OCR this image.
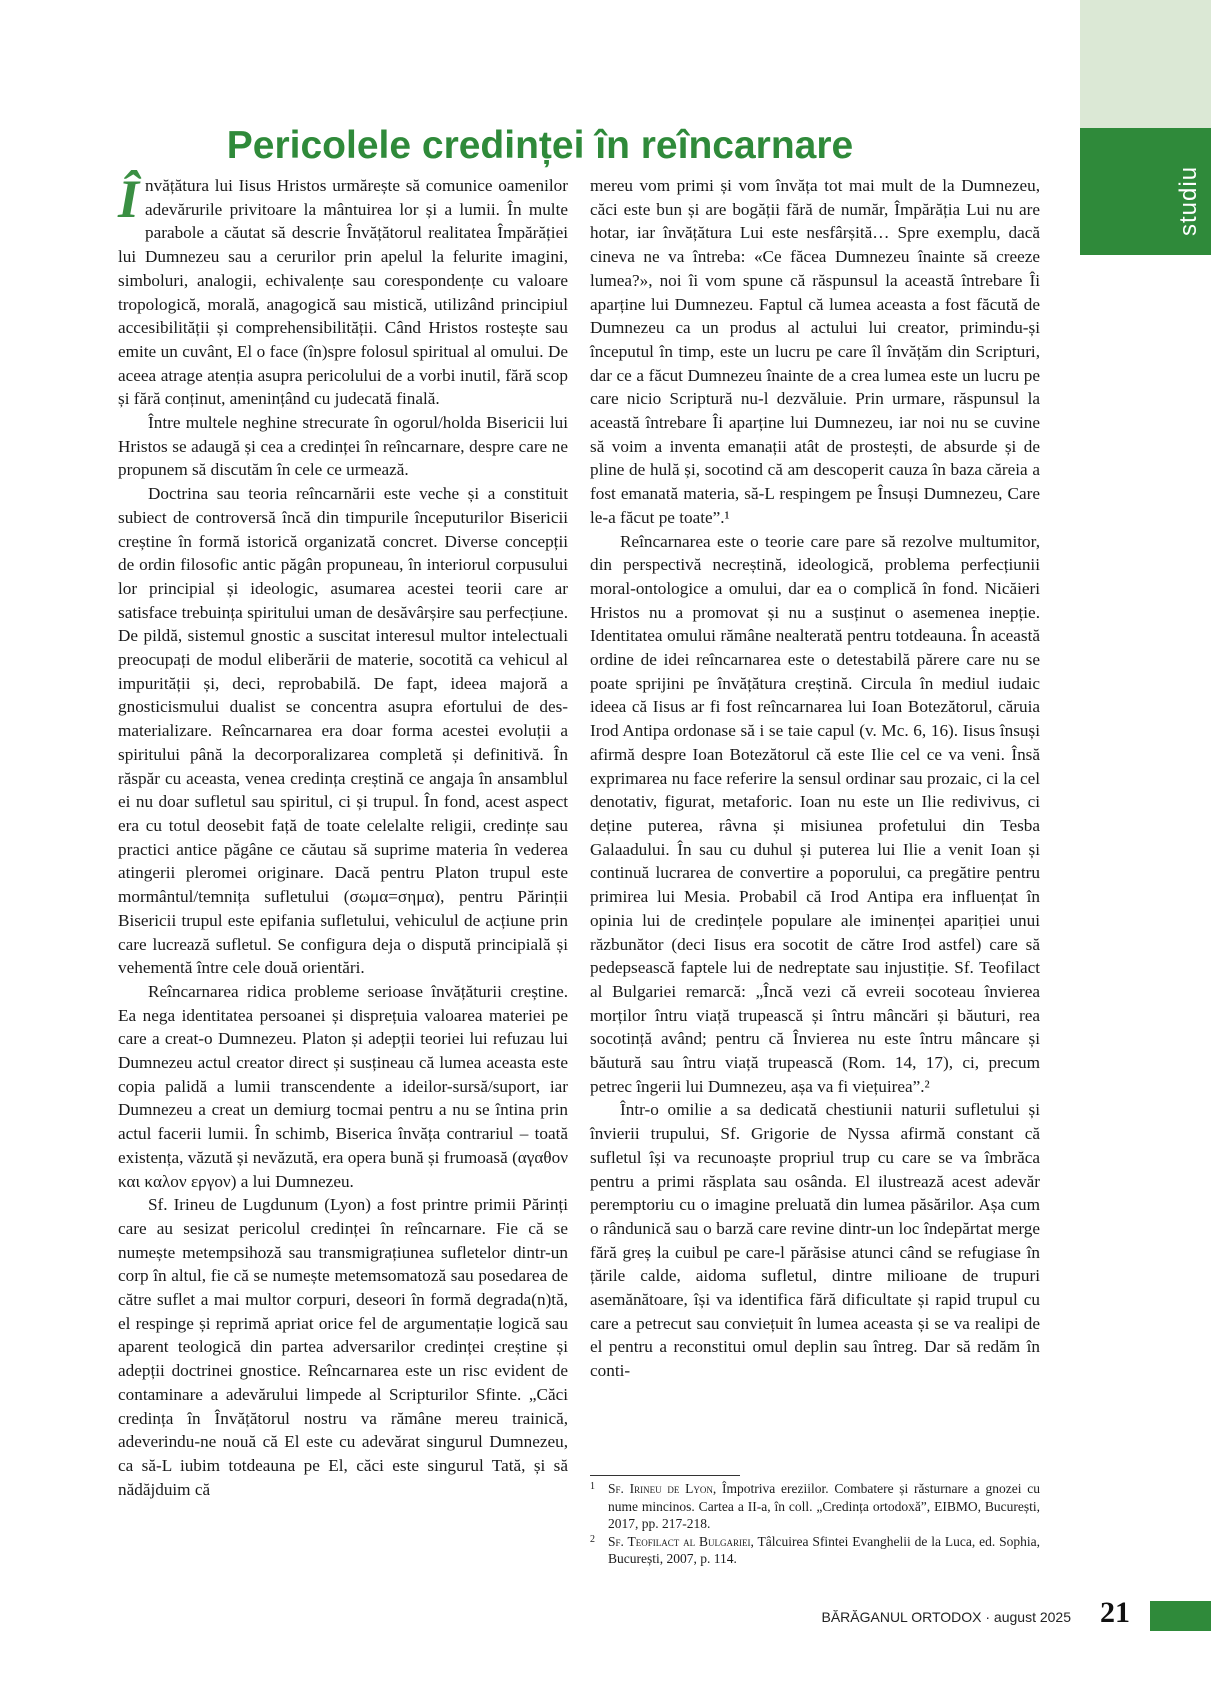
studiu
Pericolele credinței în reîncarnare

Învățătura lui Iisus Hristos urmărește să comunice oamenilor adevărurile privitoare la mântuirea lor și a lumii. În multe parabole a căutat să descrie Învățătorul realitatea Împărăției lui Dumnezeu sau a cerurilor prin apelul la felurite imagini, simboluri, analogii, echivalențe sau corespondențe cu valoare tropologică, morală, anagogică sau mistică, utilizând principiul accesibilității și comprehensibilității. Când Hristos rostește sau emite un cuvânt, El o face (în)spre folosul spiritual al omului. De aceea atrage atenția asupra pericolului de a vorbi inutil, fără scop și fără conținut, amenințând cu judecată finală.

Între multele neghine strecurate în ogorul/holda Bisericii lui Hristos se adaugă și cea a credinței în reîncarnare, despre care ne propunem să discutăm în cele ce urmează.

Doctrina sau teoria reîncarnării este veche și a constituit subiect de controversă încă din timpurile începuturilor Bisericii creștine în formă istorică organizată concret. Diverse concepții de ordin filosofic antic păgân propuneau, în interiorul corpusului lor principial și ideologic, asumarea acestei teorii care ar satisface trebuința spiritului uman de desăvârșire sau perfecțiune. De pildă, sistemul gnostic a suscitat interesul multor intelectuali preocupați de modul eliberării de materie, socotită ca vehicul al impurității și, deci, reprobabilă. De fapt, ideea majoră a gnosticismului dualist se concentra asupra efortului de des-materializare. Reîncarnarea era doar forma acestei evoluții a spiritului până la decorporalizarea completă și definitivă. În răspăr cu aceasta, venea credința creștină ce angaja în ansamblul ei nu doar sufletul sau spiritul, ci și trupul. În fond, acest aspect era cu totul deosebit față de toate celelalte religii, credințe sau practici antice păgâne ce căutau să suprime materia în vederea atingerii pleromei originare. Dacă pentru Platon trupul este mormântul/temnița sufletului (σωμα=σημα), pentru Părinții Bisericii trupul este epifania sufletului, vehiculul de acțiune prin care lucrează sufletul. Se configura deja o dispută principială și vehementă între cele două orientări.

Reîncarnarea ridica probleme serioase învățăturii creștine. Ea nega identitatea persoanei și disprețuia valoarea materiei pe care a creat-o Dumnezeu. Platon și adepții teoriei lui refuzau lui Dumnezeu actul creator direct și susțineau că lumea aceasta este copia palidă a lumii transcendente a ideilor-sursă/suport, iar Dumnezeu a creat un demiurg tocmai pentru a nu se întina prin actul facerii lumii. În schimb, Biserica învăța contrariul – toată existența, văzută și nevăzută, era opera bună și frumoasă (αγαθον και καλον εργον) a lui Dumnezeu.

Sf. Irineu de Lugdunum (Lyon) a fost printre primii Părinți care au sesizat pericolul credinței în reîncarnare. Fie că se numește metempsihoză sau transmigrațiunea sufletelor dintr-un corp în altul, fie că se numește metemsomatoză sau posedarea de către suflet a mai multor corpuri, deseori în formă degrada(n)tă, el respinge și reprimă apriat orice fel de argumentație logică sau aparent teologică din partea adversarilor credinței creștine și adepții doctrinei gnostice. Reîncarnarea este un risc evident de contaminare a adevărului limpede al Scripturilor Sfinte. „Căci credința în Învățătorul nostru va rămâne mereu trainică, adeverindu-ne nouă că El este cu adevărat singurul Dumnezeu, ca să-L iubim totdeauna pe El, căci este singurul Tată, și să nădăjduim că

mereu vom primi și vom învăța tot mai mult de la Dumnezeu, căci este bun și are bogății fără de număr, Împărăția Lui nu are hotar, iar învățătura Lui este nesfârșită… Spre exemplu, dacă cineva ne va întreba: «Ce făcea Dumnezeu înainte să creeze lumea?», noi îi vom spune că răspunsul la această întrebare Îi aparține lui Dumnezeu. Faptul că lumea aceasta a fost făcută de Dumnezeu ca un produs al actului lui creator, primindu-și începutul în timp, este un lucru pe care îl învățăm din Scripturi, dar ce a făcut Dumnezeu înainte de a crea lumea este un lucru pe care nicio Scriptură nu-l dezvăluie. Prin urmare, răspunsul la această întrebare Îi aparține lui Dumnezeu, iar noi nu se cuvine să voim a inventa emanații atât de prostești, de absurde și de pline de hulă și, socotind că am descoperit cauza în baza căreia a fost emanată materia, să-L respingem pe Însuși Dumnezeu, Care le-a făcut pe toate”.¹

Reîncarnarea este o teorie care pare să rezolve multumitor, din perspectivă necreștină, ideologică, problema perfecțiunii moral-ontologice a omului, dar ea o complică în fond. Nicăieri Hristos nu a promovat și nu a susținut o asemenea inepție. Identitatea omului rămâne nealterată pentru totdeauna. În această ordine de idei reîncarnarea este o detestabilă părere care nu se poate sprijini pe învățătura creștină. Circula în mediul iudaic ideea că Iisus ar fi fost reîncarnarea lui Ioan Botezătorul, căruia Irod Antipa ordonase să i se taie capul (v. Mc. 6, 16). Iisus însuși afirmă despre Ioan Botezătorul că este Ilie cel ce va veni. Însă exprimarea nu face referire la sensul ordinar sau prozaic, ci la cel denotativ, figurat, metaforic. Ioan nu este un Ilie redivivus, ci deține puterea, râvna și misiunea profetului din Tesba Galaadului. În sau cu duhul și puterea lui Ilie a venit Ioan și continuă lucrarea de convertire a poporului, ca pregătire pentru primirea lui Mesia. Probabil că Irod Antipa era influențat în opinia lui de credințele populare ale iminenței apariției unui răzbunător (deci Iisus era socotit de către Irod astfel) care să pedepsească faptele lui de nedreptate sau injustiție. Sf. Teofilact al Bulgariei remarcă: „Încă vezi că evreii socoteau învierea morților întru viață trupească și întru mâncări și băuturi, rea socotință având; pentru că Învierea nu este întru mâncare și băutură sau întru viață trupească (Rom. 14, 17), ci, precum petrec îngerii lui Dumnezeu, așa va fi viețuirea”.²

Într-o omilie a sa dedicată chestiunii naturii sufletului și învierii trupului, Sf. Grigorie de Nyssa afirmă constant că sufletul își va recunoaște propriul trup cu care se va îmbrăca pentru a primi răsplata sau osânda. El ilustrează acest adevăr peremptoriu cu o imagine preluată din lumea păsărilor. Așa cum o rândunică sau o barză care revine dintr-un loc îndepărtat merge fără greș la cuibul pe care-l părăsise atunci când se refugiase în țările calde, aidoma sufletul, dintre milioane de trupuri asemănătoare, își va identifica fără dificultate și rapid trupul cu care a petrecut sau conviețuit în lumea aceasta și se va realipi de el pentru a reconstitui omul deplin sau întreg. Dar să redăm în conti-

1 Sf. Irineu de Lyon, Împotriva ereziilor. Combatere și răsturnare a gnozei cu nume mincinos. Cartea a II-a, în coll. „Credința ortodoxă”, EIBMO, București, 2017, pp. 217-218.
2 Sf. Teofilact al Bulgariei, Tâlcuirea Sfintei Evanghelii de la Luca, ed. Sophia, București, 2007, p. 114.
BĂRĂGANUL ORTODOX · august 2025 21
